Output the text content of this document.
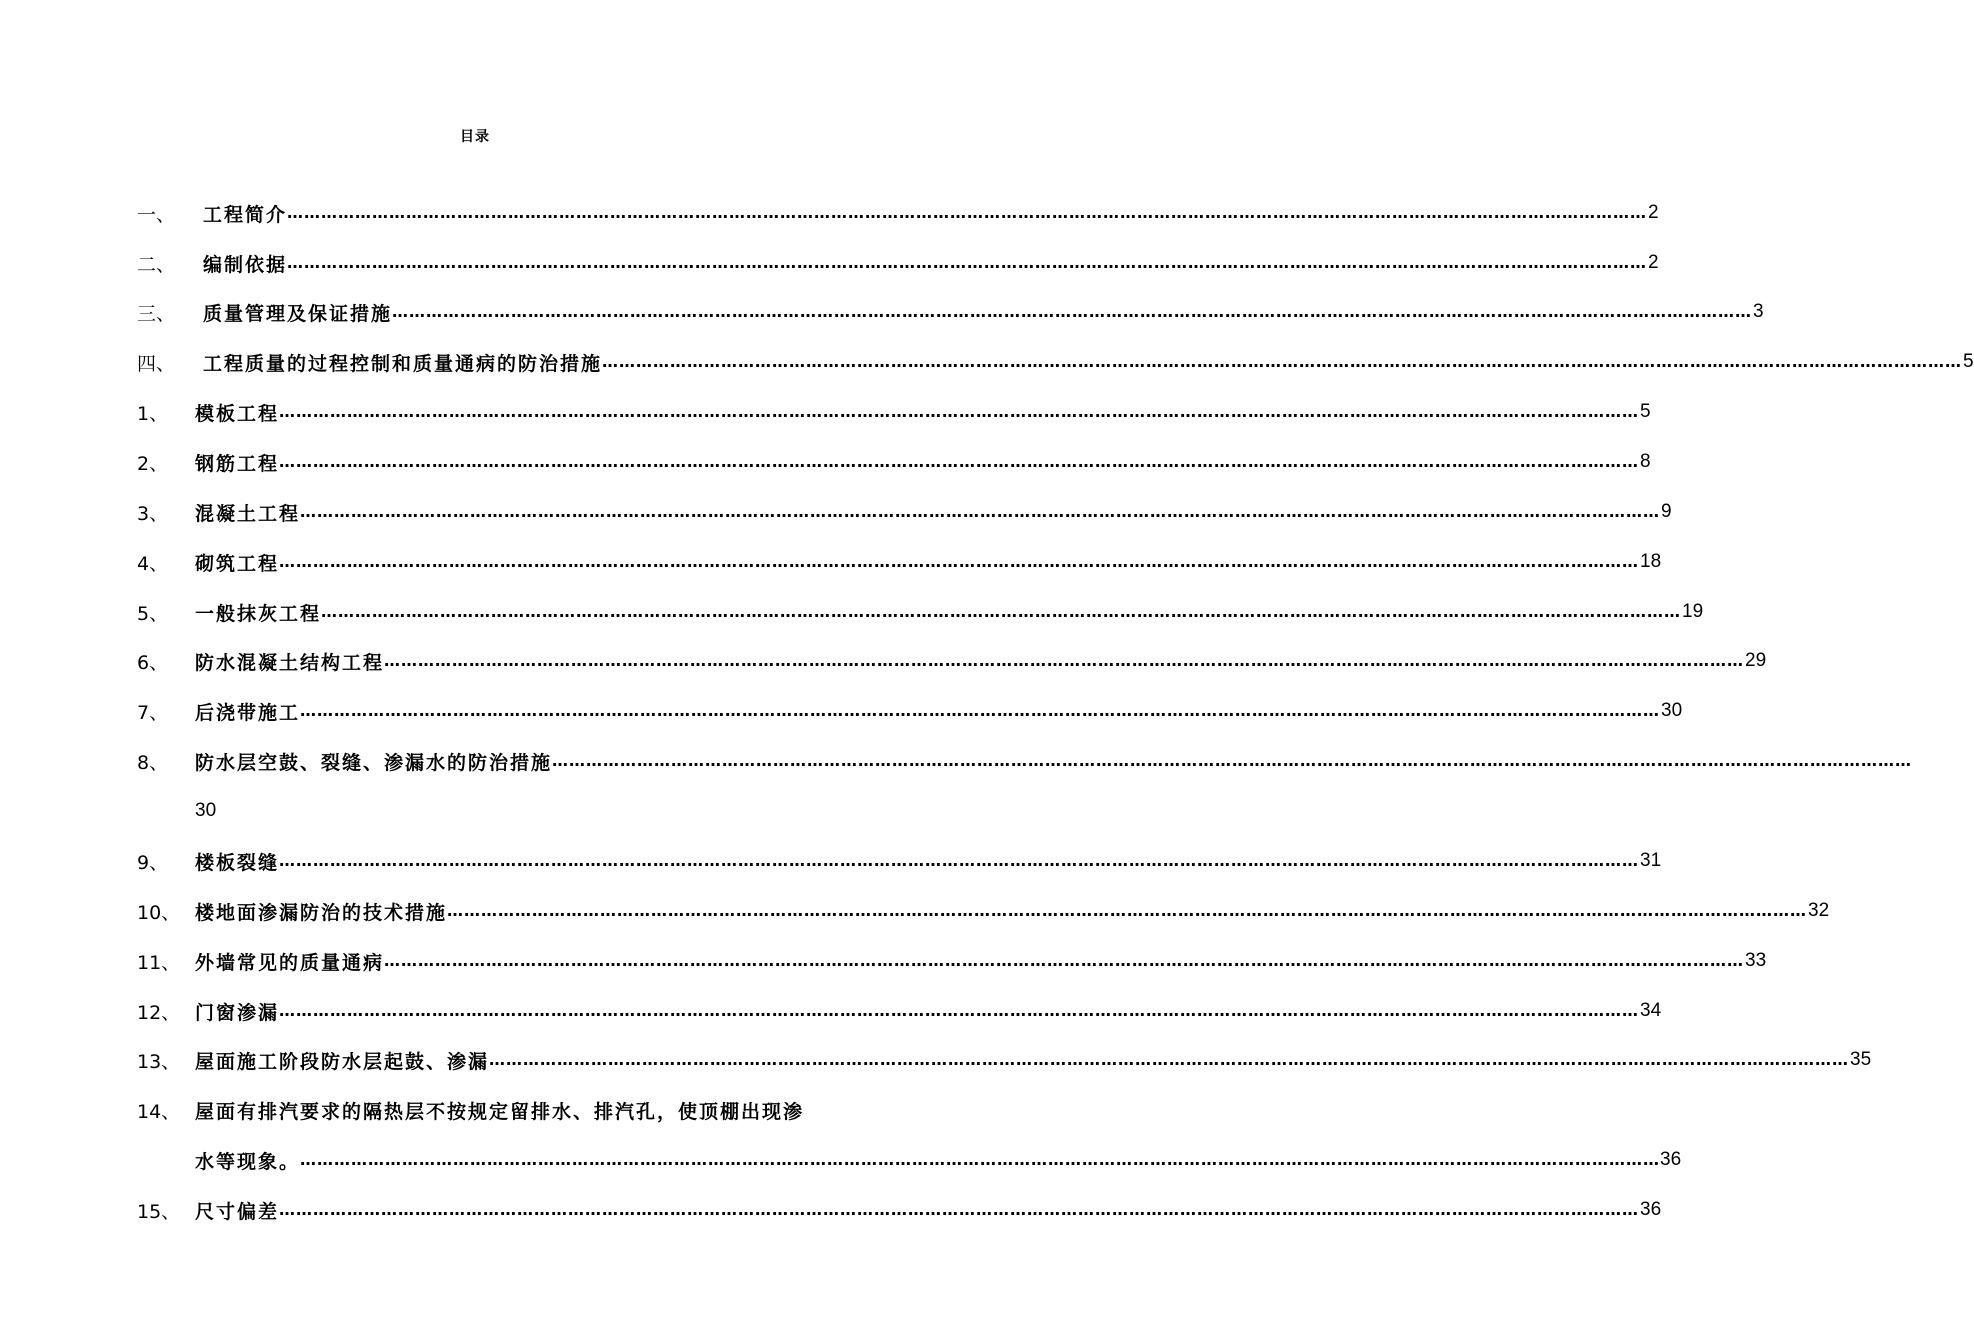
目录
一、	工程简介 …………………………………………………………………………………………………………………………………………………………………………………………………………………… 2
二、	编制依据 …………………………………………………………………………………………………………………………………………………………………………………………………………………… 2
三、	质量管理及保证措施 …………………………………………………………………………………………………………………………………………………………………………………………………………………… 3
四、	工程质量的过程控制和质量通病的防治措施 …………………………………………………………………………………………………………………………………………………………………………………………………………………… 5
1、	模板工程 …………………………………………………………………………………………………………………………………………………………………………………………………………………… 5
2、	钢筋工程 …………………………………………………………………………………………………………………………………………………………………………………………………………………… 8
3、	混凝土工程 …………………………………………………………………………………………………………………………………………………………………………………………………………………… 9
4、	砌筑工程 …………………………………………………………………………………………………………………………………………………………………………………………………………………… 18
5、	一般抹灰工程 …………………………………………………………………………………………………………………………………………………………………………………………………………………… 19
6、	防水混凝土结构工程 …………………………………………………………………………………………………………………………………………………………………………………………………………………… 29
7、	后浇带施工 …………………………………………………………………………………………………………………………………………………………………………………………………………………… 30
8、	防水层空鼓、裂缝、渗漏水的防治措施 ……………………………………………………………………………………………………………………………………………………………………………………………………………………
30
9、	楼板裂缝 …………………………………………………………………………………………………………………………………………………………………………………………………………………… 31
10、 楼地面渗漏防治的技术措施 …………………………………………………………………………………………………………………………………………………………………………………………………………………… 32
11、 外墙常见的质量通病 …………………………………………………………………………………………………………………………………………………………………………………………………………………… 33
12、 门窗渗漏 …………………………………………………………………………………………………………………………………………………………………………………………………………………… 34
13、 屋面施工阶段防水层起鼓、渗漏 …………………………………………………………………………………………………………………………………………………………………………………………………………………… 35
14、 屋面有排汽要求的隔热层不按规定留排水、排汽孔，使顶棚出现渗
水等现象。 …………………………………………………………………………………………………………………………………………………………………………………………………………………… 36
15、 尺寸偏差 …………………………………………………………………………………………………………………………………………………………………………………………………………………… 36
